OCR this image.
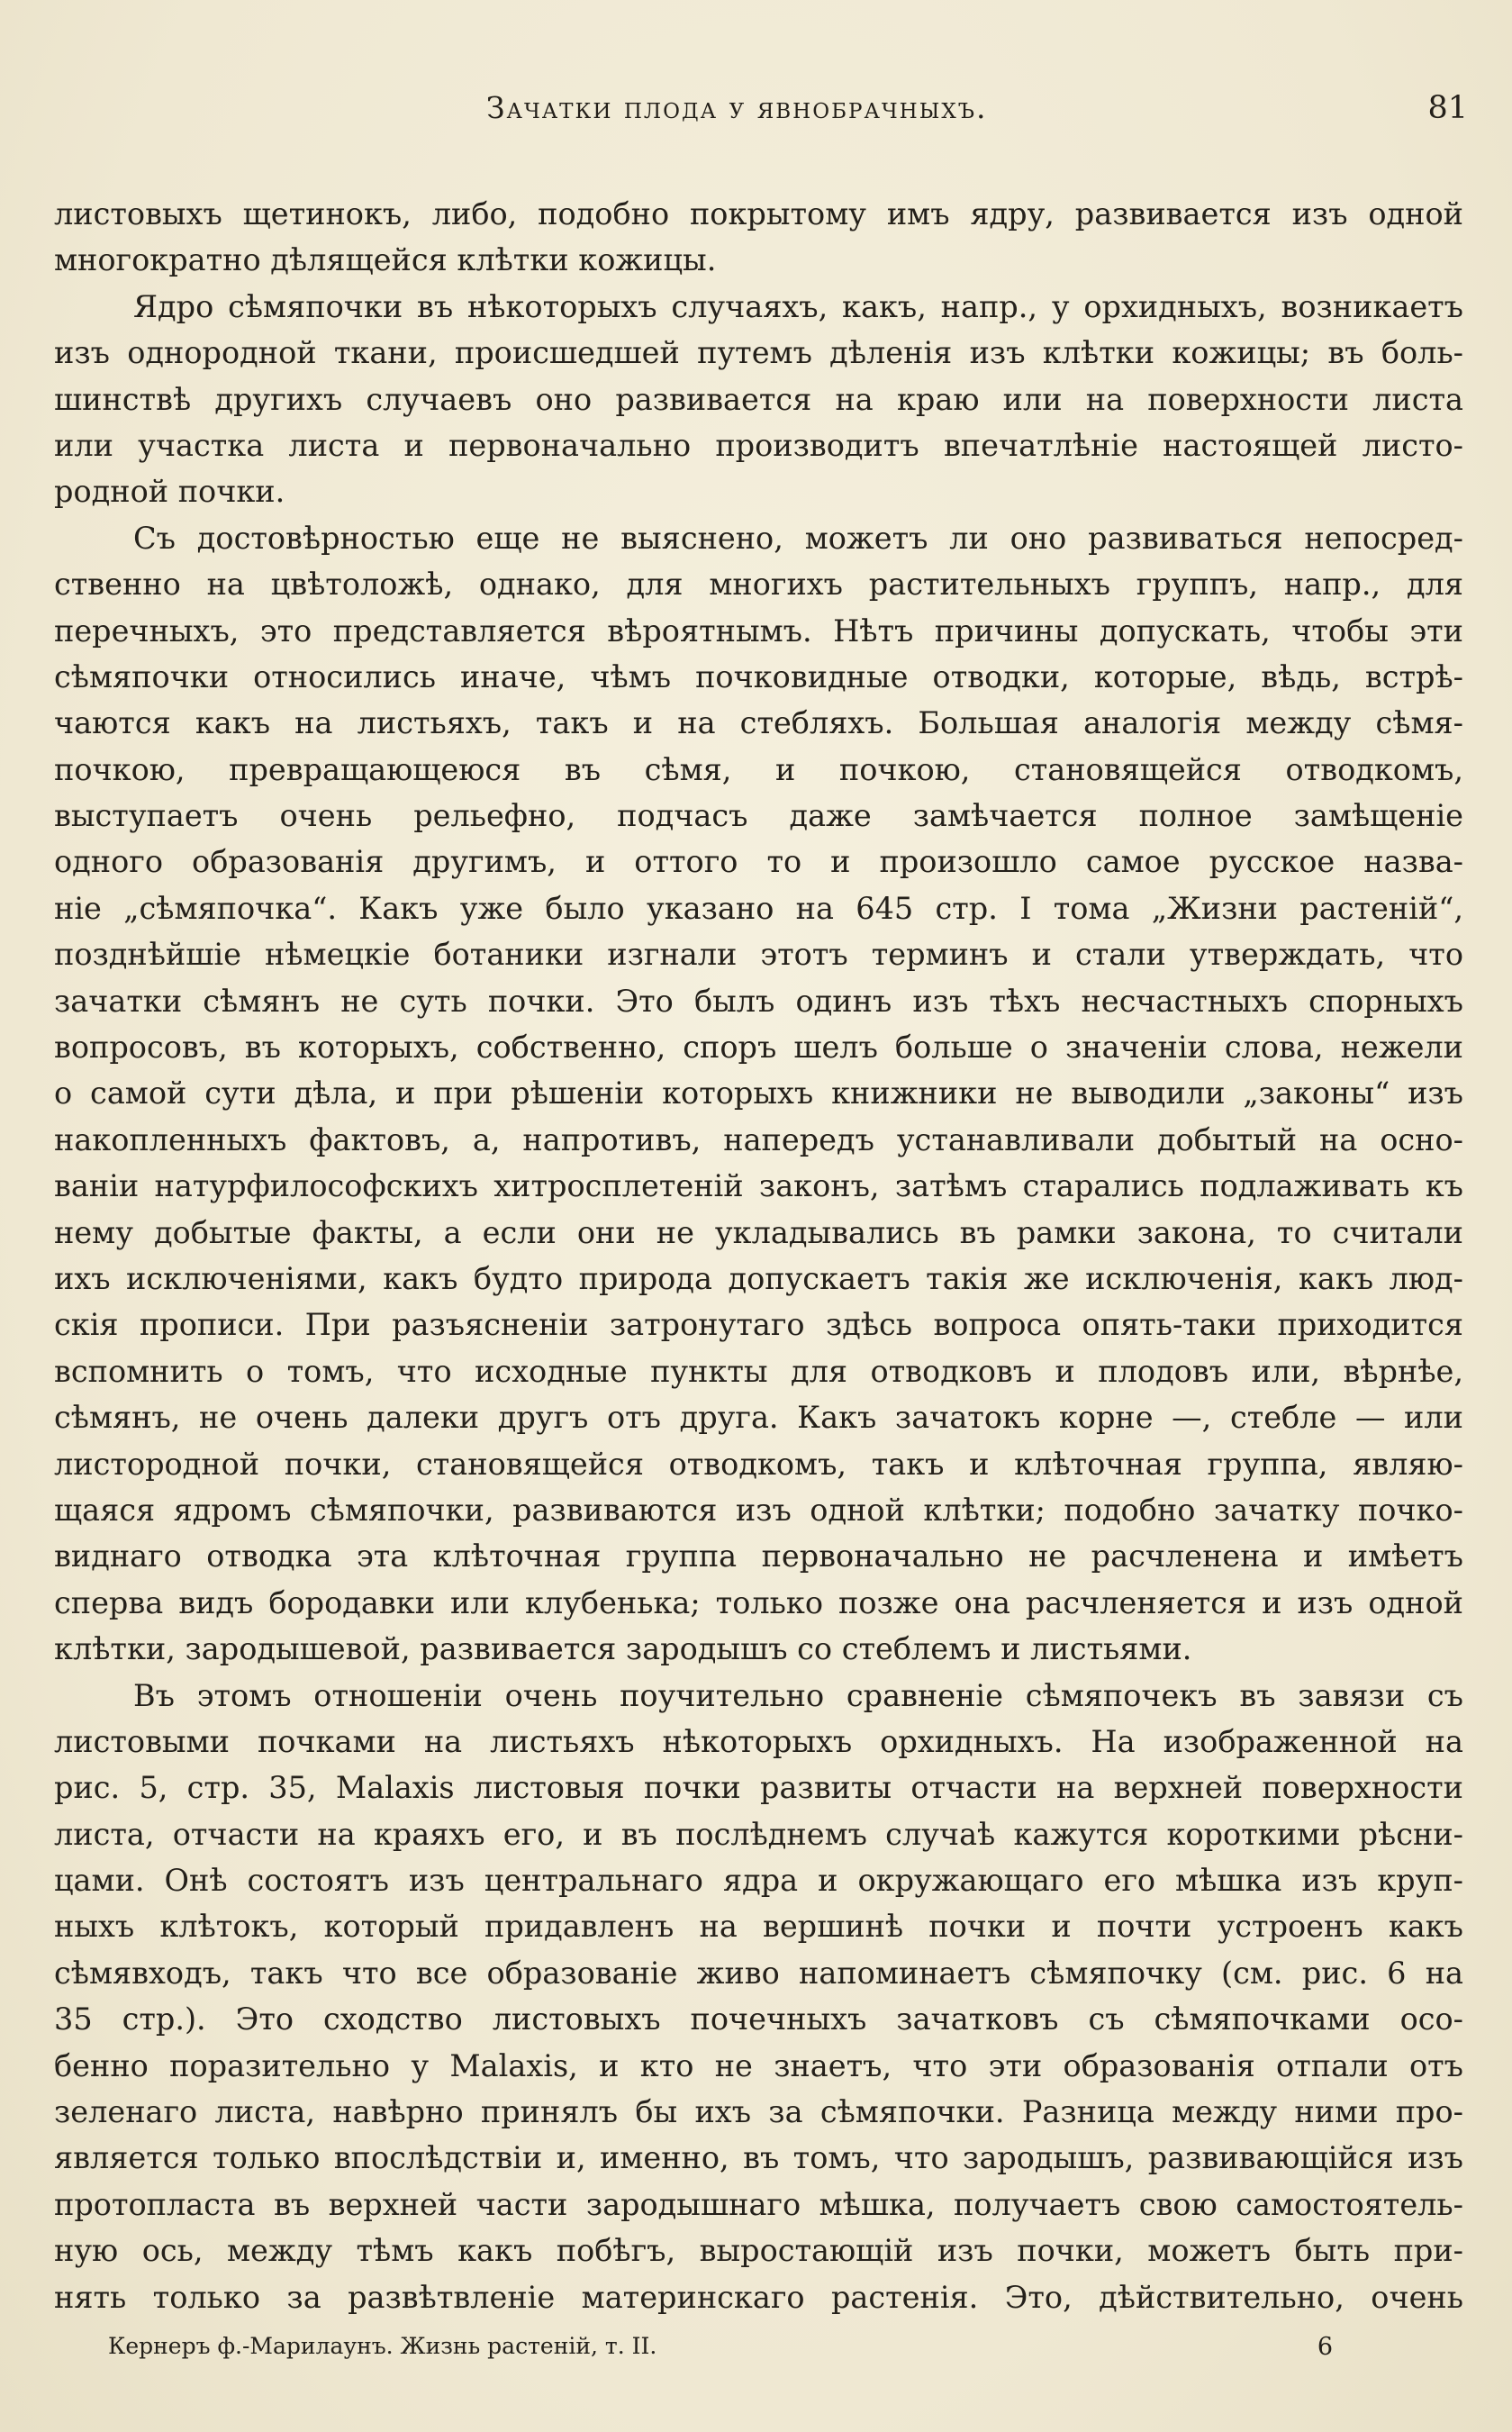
Зачатки плода у явнобрачныхъ.	81
листовыхъ щетинокъ, либо, подобно покрытому имъ ядру, развивается изъ одной
многократно дѣлящейся клѣтки кожицы.
Ядро сѣмяпочки въ нѣкоторыхъ случаяхъ, какъ, напр., у орхидныхъ, возникаетъ
изъ однородной ткани, происшедшей путемъ дѣленія изъ клѣтки кожицы; въ боль-
шинствѣ другихъ случаевъ оно развивается на краю или на поверхности листа
или участка листа и первоначально производитъ впечатлѣніе настоящей листо-
родной почки.
Съ достовѣрностью еще не выяснено, можетъ ли оно развиваться непосред-
ственно на цвѣтоложѣ, однако, для многихъ растительныхъ группъ, напр., для
перечныхъ, это представляется вѣроятнымъ. Нѣтъ причины допускать, чтобы эти
сѣмяпочки относились иначе, чѣмъ почковидные отводки, которые, вѣдь, встрѣ-
чаются какъ на листьяхъ, такъ и на стебляхъ. Большая аналогія между сѣмя-
почкою, превращающеюся въ сѣмя, и почкою, становящейся отводкомъ,
выступаетъ очень рельефно, подчасъ даже замѣчается полное замѣщеніе
одного образованія другимъ, и оттого то и произошло самое русское назва-
ніе „сѣмяпочка“. Какъ уже было указано на 645 стр. I тома „Жизни растеній“,
позднѣйшіе нѣмецкіе ботаники изгнали этотъ терминъ и стали утверждать, что
зачатки сѣмянъ не суть почки. Это былъ одинъ изъ тѣхъ несчастныхъ спорныхъ
вопросовъ, въ которыхъ, собственно, споръ шелъ больше о значеніи слова, нежели
о самой сути дѣла, и при рѣшеніи которыхъ книжники не выводили „законы“ изъ
накопленныхъ фактовъ, а, напротивъ, напередъ устанавливали добытый на осно-
ваніи натурфилософскихъ хитросплетеній законъ, затѣмъ старались подлаживать къ
нему добытые факты, а если они не укладывались въ рамки закона, то считали
ихъ исключеніями, какъ будто природа допускаетъ такія же исключенія, какъ люд-
скія прописи. При разъясненіи затронутаго здѣсь вопроса опять-таки приходится
вспомнить о томъ, что исходные пункты для отводковъ и плодовъ или, вѣрнѣе,
сѣмянъ, не очень далеки другъ отъ друга. Какъ зачатокъ корне —, стебле — или
листородной почки, становящейся отводкомъ, такъ и клѣточная группа, являю-
щаяся ядромъ сѣмяпочки, развиваются изъ одной клѣтки; подобно зачатку почко-
виднаго отводка эта клѣточная группа первоначально не расчленена и имѣетъ
сперва видъ бородавки или клубенька; только позже она расчленяется и изъ одной
клѣтки, зародышевой, развивается зародышъ со стеблемъ и листьями.
Въ этомъ отношеніи очень поучительно сравненіе сѣмяпочекъ въ завязи съ
листовыми почками на листьяхъ нѣкоторыхъ орхидныхъ. На изображенной на
рис. 5, стр. 35, Malaxis листовыя почки развиты отчасти на верхней поверхности
листа, отчасти на краяхъ его, и въ послѣднемъ случаѣ кажутся короткими рѣсни-
цами. Онѣ состоятъ изъ центральнаго ядра и окружающаго его мѣшка изъ круп-
ныхъ клѣтокъ, который придавленъ на вершинѣ почки и почти устроенъ какъ
сѣмявходъ, такъ что все образованіе живо напоминаетъ сѣмяпочку (см. рис. 6 на
35 стр.). Это сходство листовыхъ почечныхъ зачатковъ съ сѣмяпочками осо-
бенно поразительно у Malaxis, и кто не знаетъ, что эти образованія отпали отъ
зеленаго листа, навѣрно принялъ бы ихъ за сѣмяпочки. Разница между ними про-
является только впослѣдствіи и, именно, въ томъ, что зародышъ, развивающійся изъ
протопласта въ верхней части зародышнаго мѣшка, получаетъ свою самостоятель-
ную ось, между тѣмъ какъ побѣгъ, выростающій изъ почки, можетъ быть при-
нять только за развѣтвленіе материнскаго растенія. Это, дѣйствительно, очень
Кернеръ ф.-Марилаунъ. Жизнь растеній, т. II.	6
